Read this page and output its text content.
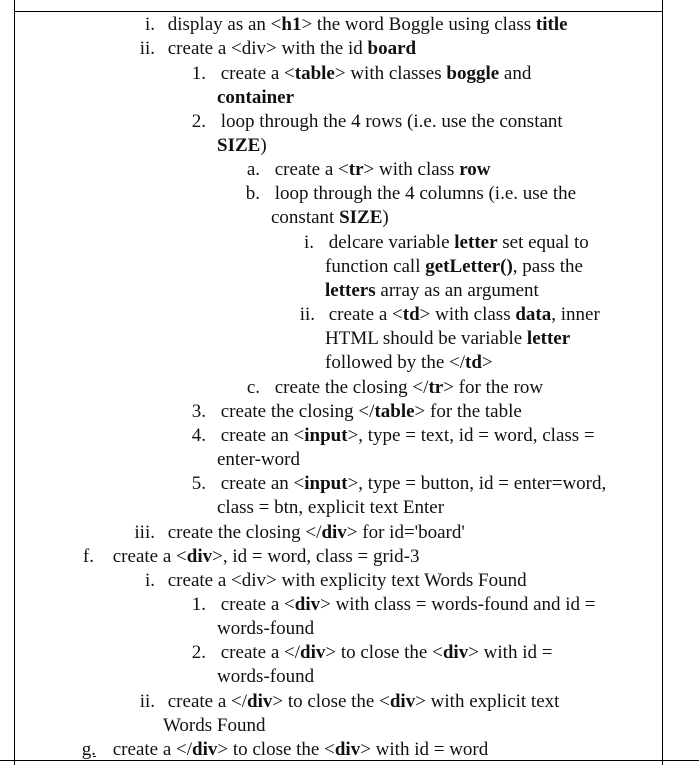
i. display as an <h1> the word Boggle using class title
ii. create a <div> with the id board
1. create a <table> with classes boggle and
container
2. loop through the 4 rows (i.e. use the constant
SIZE)
a. create a <tr> with class row
b. loop through the 4 columns (i.e. use the
constant SIZE)
i. delcare variable letter set equal to
function call getLetter(), pass the
letters array as an argument
ii. create a <td> with class data, inner
HTML should be variable letter
followed by the </td>
c. create the closing </tr> for the row
3. create the closing </table> for the table
4. create an <input>, type = text, id = word, class =
enter-word
5. create an <input>, type = button, id = enter=word,
class = btn, explicit text Enter
iii. create the closing </div> for id='board'
f. create a <div>, id = word, class = grid-3
i. create a <div> with explicity text Words Found
1. create a <div> with class = words-found and id =
words-found
2. create a </div> to close the <div> with id =
words-found
ii. create a </div> to close the <div> with explicit text
Words Found
g. create a </div> to close the <div> with id = word
